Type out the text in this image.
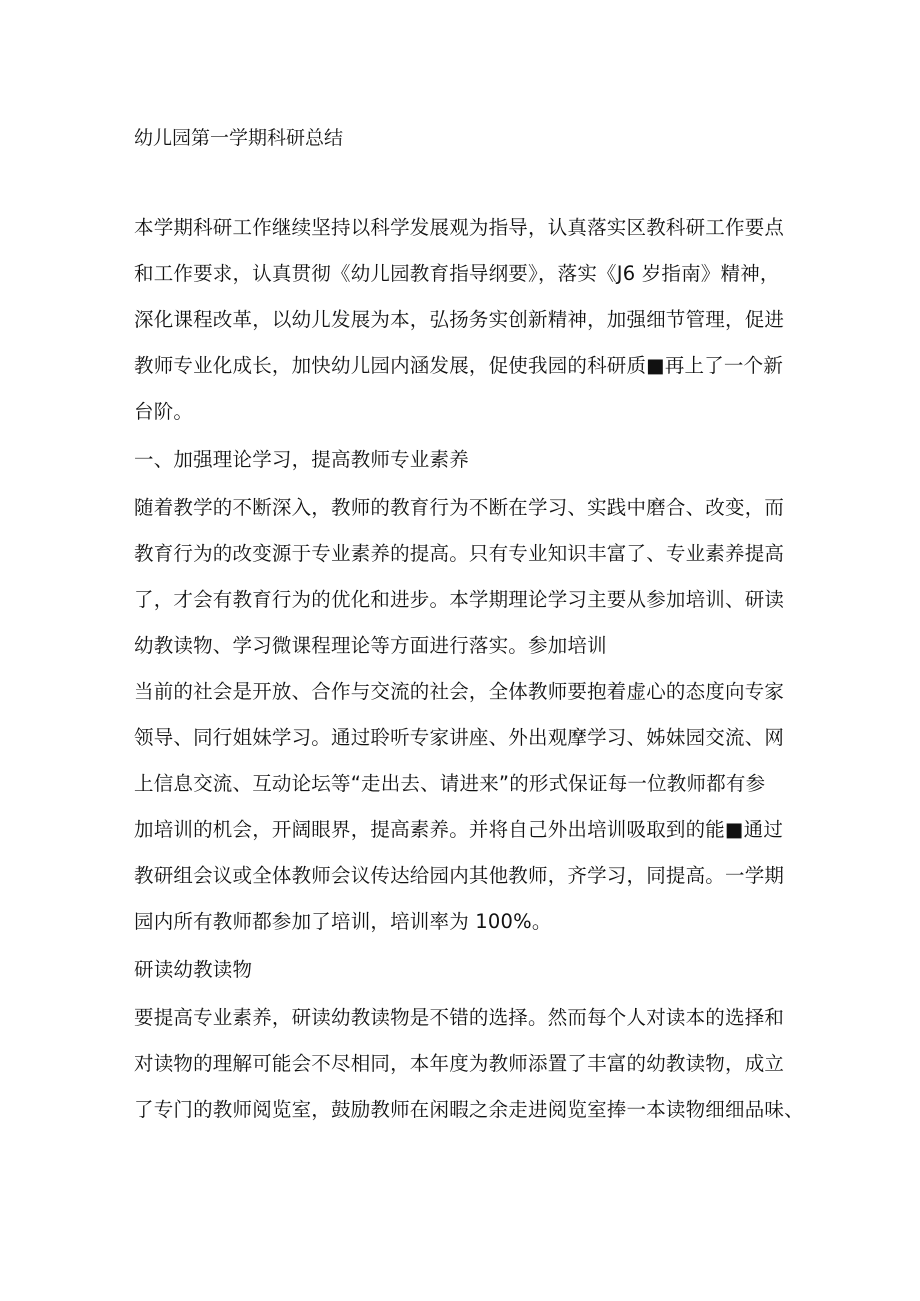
幼儿园第一学期科研总结
本学期科研工作继续坚持以科学发展观为指导，认真落实区教科研工作要点
和工作要求，认真贯彻《幼儿园教育指导纲要》，落实《J6 岁指南》精神，
深化课程改革，以幼儿发展为本，弘扬务实创新精神，加强细节管理，促进
教师专业化成长，加快幼儿园内涵发展，促使我园的科研质■再上了一个新
台阶。
一、加强理论学习，提高教师专业素养
随着教学的不断深入，教师的教育行为不断在学习、实践中磨合、改变，而
教育行为的改变源于专业素养的提高。只有专业知识丰富了、专业素养提高
了，才会有教育行为的优化和进步。本学期理论学习主要从参加培训、研读
幼教读物、学习微课程理论等方面进行落实。参加培训
当前的社会是开放、合作与交流的社会，全体教师要抱着虚心的态度向专家
领导、同行姐妹学习。通过聆听专家讲座、外出观摩学习、姊妹园交流、网
上信息交流、互动论坛等“走出去、请进来”的形式保证每一位教师都有参
加培训的机会，开阔眼界，提高素养。并将自己外出培训吸取到的能■通过
教研组会议或全体教师会议传达给园内其他教师，齐学习，同提高。一学期
园内所有教师都参加了培训，培训率为 100%。
研读幼教读物
要提高专业素养，研读幼教读物是不错的选择。然而每个人对读本的选择和
对读物的理解可能会不尽相同，本年度为教师添置了丰富的幼教读物，成立
了专门的教师阅览室，鼓励教师在闲暇之余走进阅览室捧一本读物细细品味、
